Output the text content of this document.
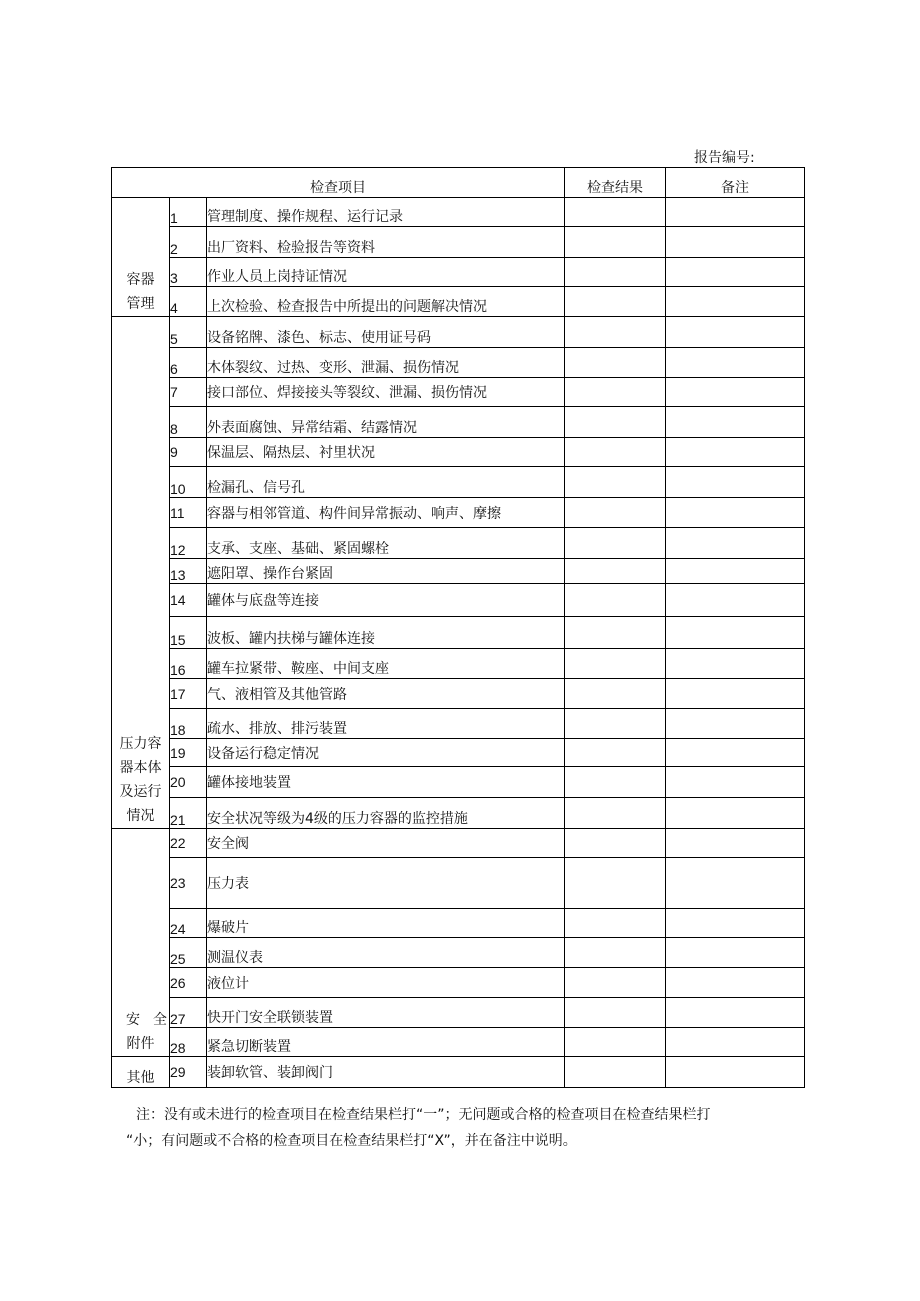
报告编号:
检查项目			检查结果	备注

容器
管理	1	管理制度、操作规程、运行记录		
	2	出厂资料、检验报告等资料		
	3	作业人员上岗持证情况		
	4	上次检验、检查报告中所提出的问题解决情况		

压力容
器本体
及运行
情况	5	设备铭牌、漆色、标志、使用证号码		
	6	木体裂纹、过热、变形、泄漏、损伤情况		
	7	接口部位、焊接接头等裂纹、泄漏、损伤情况		
	8	外表面腐蚀、异常结霜、结露情况		
	9	保温层、隔热层、衬里状况		
	10	检漏孔、信号孔		
	11	容器与相邻管道、构件间异常振动、响声、摩擦		
	12	支承、支座、基础、紧固螺栓		
	13	遮阳罩、操作台紧固		
	14	罐体与底盘等连接		
	15	波板、罐内扶梯与罐体连接		
	16	罐车拉紧带、鞍座、中间支座		
	17	气、液相管及其他管路		
	18	疏水、排放、排污装置		
	19	设备运行稳定情况		
	20	罐体接地装置		
	21	安全状况等级为4级的压力容器的监控措施		

安 全
附件	22	安全阀		
	23	压力表		
	24	爆破片		
	25	测温仪表		
	26	液位计		
	27	快开门安全联锁装置		
	28	紧急切断装置		
其他	29	装卸软管、装卸阀门		

注：没有或未进行的检查项目在检查结果栏打“一”；无问题或合格的检查项目在检查结果栏打

“小；有问题或不合格的检查项目在检查结果栏打“X”，并在备注中说明。
